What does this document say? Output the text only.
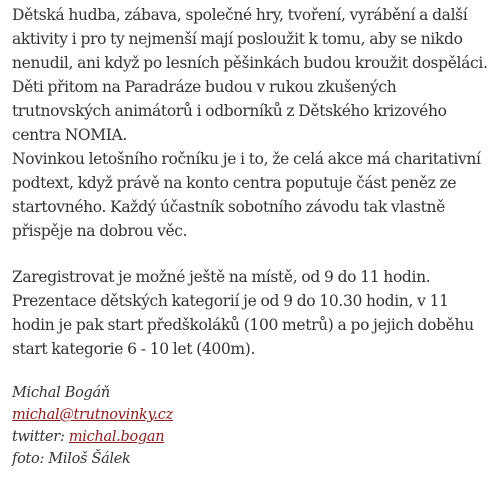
Dětská hudba, zábava, společné hry, tvoření, vyrábění a další aktivity i pro ty nejmenší mají posloužit k tomu, aby se nikdo nenudil, ani když po lesních pěšinkách budou kroužit dospěláci. Děti přitom na Paradráze budou v rukou zkušených trutnovských animátorů i odborníků z Dětského krizového centra NOMIA.

Novinkou letošního ročníku je i to, že celá akce má charitativní podtext, když právě na konto centra poputuje část peněz ze startovného. Každý účastník sobotního závodu tak vlastně přispěje na dobrou věc.

Zaregistrovat je možné ještě na místě, od 9 do 11 hodin. Prezentace dětských kategorií je od 9 do 10.30 hodin, v 11 hodin je pak start předškoláků (100 metrů) a po jejich doběhu start kategorie 6 - 10 let (400m).

Michal Bogáň
michal@trutnovinky.cz
twitter: michal.bogan
foto: Miloš Šálek
